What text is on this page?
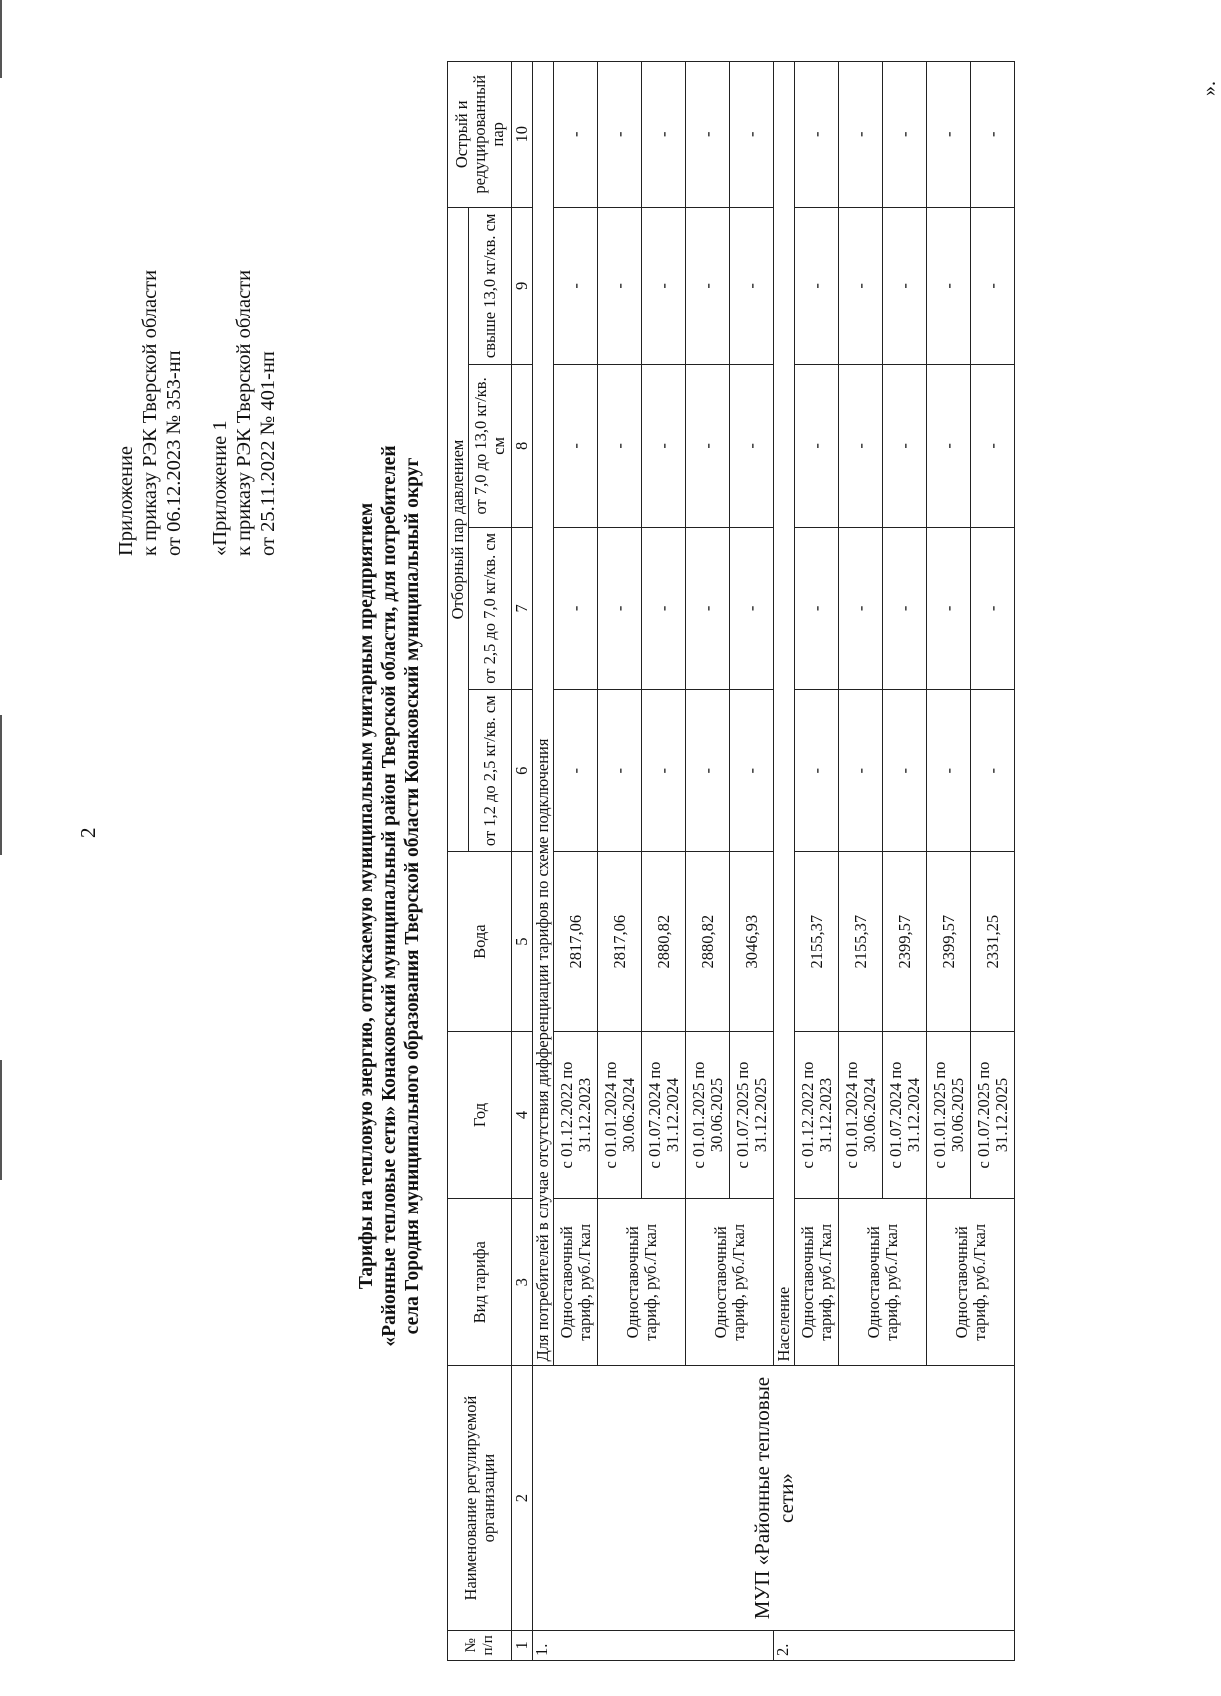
2
Приложение к приказу РЭК Тверской области от 06.12.2023 № 353-нп «Приложение 1 к приказу РЭК Тверской области от 25.11.2022 № 401-нп
Тарифы на тепловую энергию, отпускаемую муниципальным унитарным предприятием «Районные тепловые сети» Конаковский муниципальный район Тверской области, для потребителей села Городня муниципального образования Тверской области Конаковский муниципальный округ
№ п/п	Наименование регулируемой организации	Вид тарифа	Год	Вода	Отборный пар давлением				Острый и редуцированный пар
					от 1,2 до 2,5 кг/кв. см	от 2,5 до 7,0 кг/кв. см	от 7,0 до 13,0 кг/кв. см	свыше 13,0 кг/кв. см	
1	2	3	4	5	6	7	8	9	10
1.	МУП «Районные тепловые сети»	Для потребителей в случае отсутствия дифференциации тарифов по схеме подключения							
		Одноставочный тариф, руб./Гкал	с 01.12.2022 по 31.12.2023	2817,06	-	-	-	-	-
		Одноставочный тариф, руб./Гкал	с 01.01.2024 по 30.06.2024	2817,06	-	-	-	-	-
			с 01.07.2024 по 31.12.2024	2880,82	-	-	-	-	-
		Одноставочный тариф, руб./Гкал	с 01.01.2025 по 30.06.2025	2880,82	-	-	-	-	-
			с 01.07.2025 по 31.12.2025	3046,93	-	-	-	-	-
2.		Население							
		Одноставочный тариф, руб./Гкал	с 01.12.2022 по 31.12.2023	2155,37	-	-	-	-	-
		Одноставочный тариф, руб./Гкал	с 01.01.2024 по 30.06.2024	2155,37	-	-	-	-	-
			с 01.07.2024 по 31.12.2024	2399,57	-	-	-	-	-
		Одноставочный тариф, руб./Гкал	с 01.01.2025 по 30.06.2025	2399,57	-	-	-	-	-
			с 01.07.2025 по 31.12.2025	2331,25	-	-	-	-	-
».
